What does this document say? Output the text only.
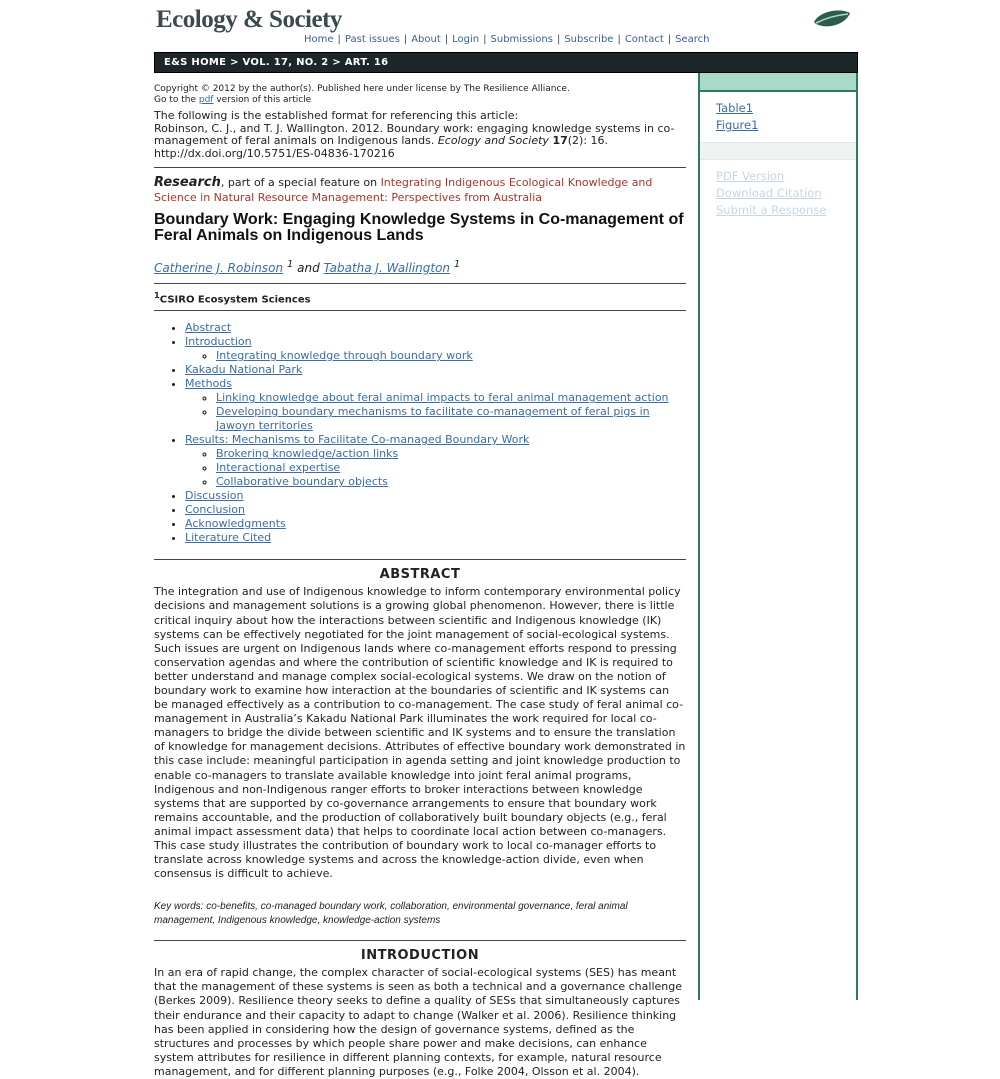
Ecology & Society
Home | Past issues | About | Login | Submissions | Subscribe | Contact | Search
E&S HOME > VOL. 17, NO. 2 > ART. 16
Table1
Figure1
PDF Version
Download Citation
Submit a Response
Copyright © 2012 by the author(s). Published here under license by The Resilience Alliance.
Go to the pdf version of this article
The following is the established format for referencing this article:
Robinson, C. J., and T. J. Wallington. 2012. Boundary work: engaging knowledge systems in co-management of feral animals on Indigenous lands. Ecology and Society 17(2): 16.
http://dx.doi.org/10.5751/ES-04836-170216
Research, part of a special feature on Integrating Indigenous Ecological Knowledge and Science in Natural Resource Management: Perspectives from Australia
Boundary Work: Engaging Knowledge Systems in Co-management of Feral Animals on Indigenous Lands
Catherine J. Robinson $^1$ and Tabatha J. Wallington $^1$
$^1$CSIRO Ecosystem Sciences
• Abstract
• Introduction
◦ Integrating knowledge through boundary work
• Kakadu National Park
• Methods
◦ Linking knowledge about feral animal impacts to feral animal management action
◦ Developing boundary mechanisms to facilitate co-management of feral pigs in Jawoyn territories
• Results: Mechanisms to Facilitate Co-managed Boundary Work
◦ Brokering knowledge/action links
◦ Interactional expertise
◦ Collaborative boundary objects
• Discussion
• Conclusion
• Acknowledgments
• Literature Cited
ABSTRACT

The integration and use of Indigenous knowledge to inform contemporary environmental policy decisions and management solutions is a growing global phenomenon. However, there is little critical inquiry about how the interactions between scientific and Indigenous knowledge (IK) systems can be effectively negotiated for the joint management of social-ecological systems. Such issues are urgent on Indigenous lands where co-management efforts respond to pressing conservation agendas and where the contribution of scientific knowledge and IK is required to better understand and manage complex social-ecological systems. We draw on the notion of boundary work to examine how interaction at the boundaries of scientific and IK systems can be managed effectively as a contribution to co-management. The case study of feral animal co-management in Australia’s Kakadu National Park illuminates the work required for local co-managers to bridge the divide between scientific and IK systems and to ensure the translation of knowledge for management decisions. Attributes of effective boundary work demonstrated in this case include: meaningful participation in agenda setting and joint knowledge production to enable co-managers to translate available knowledge into joint feral animal programs, Indigenous and non-Indigenous ranger efforts to broker interactions between knowledge systems that are supported by co-governance arrangements to ensure that boundary work remains accountable, and the production of collaboratively built boundary objects (e.g., feral animal impact assessment data) that helps to coordinate local action between co-managers. This case study illustrates the contribution of boundary work to local co-manager efforts to translate across knowledge systems and across the knowledge-action divide, even when consensus is difficult to achieve.

Key words: co-benefits, co-managed boundary work, collaboration, environmental governance, feral animal management, Indigenous knowledge, knowledge-action systems
INTRODUCTION

In an era of rapid change, the complex character of social-ecological systems (SES) has meant that the management of these systems is seen as both a technical and a governance challenge (Berkes 2009). Resilience theory seeks to define a quality of SESs that simultaneously captures their endurance and their capacity to adapt to change (Walker et al. 2006). Resilience thinking has been applied in considering how the design of governance systems, defined as the structures and processes by which people share power and make decisions, can enhance system attributes for resilience in different planning contexts, for example, natural resource management, and for different planning purposes (e.g., Folke 2004, Olsson et al. 2004).
